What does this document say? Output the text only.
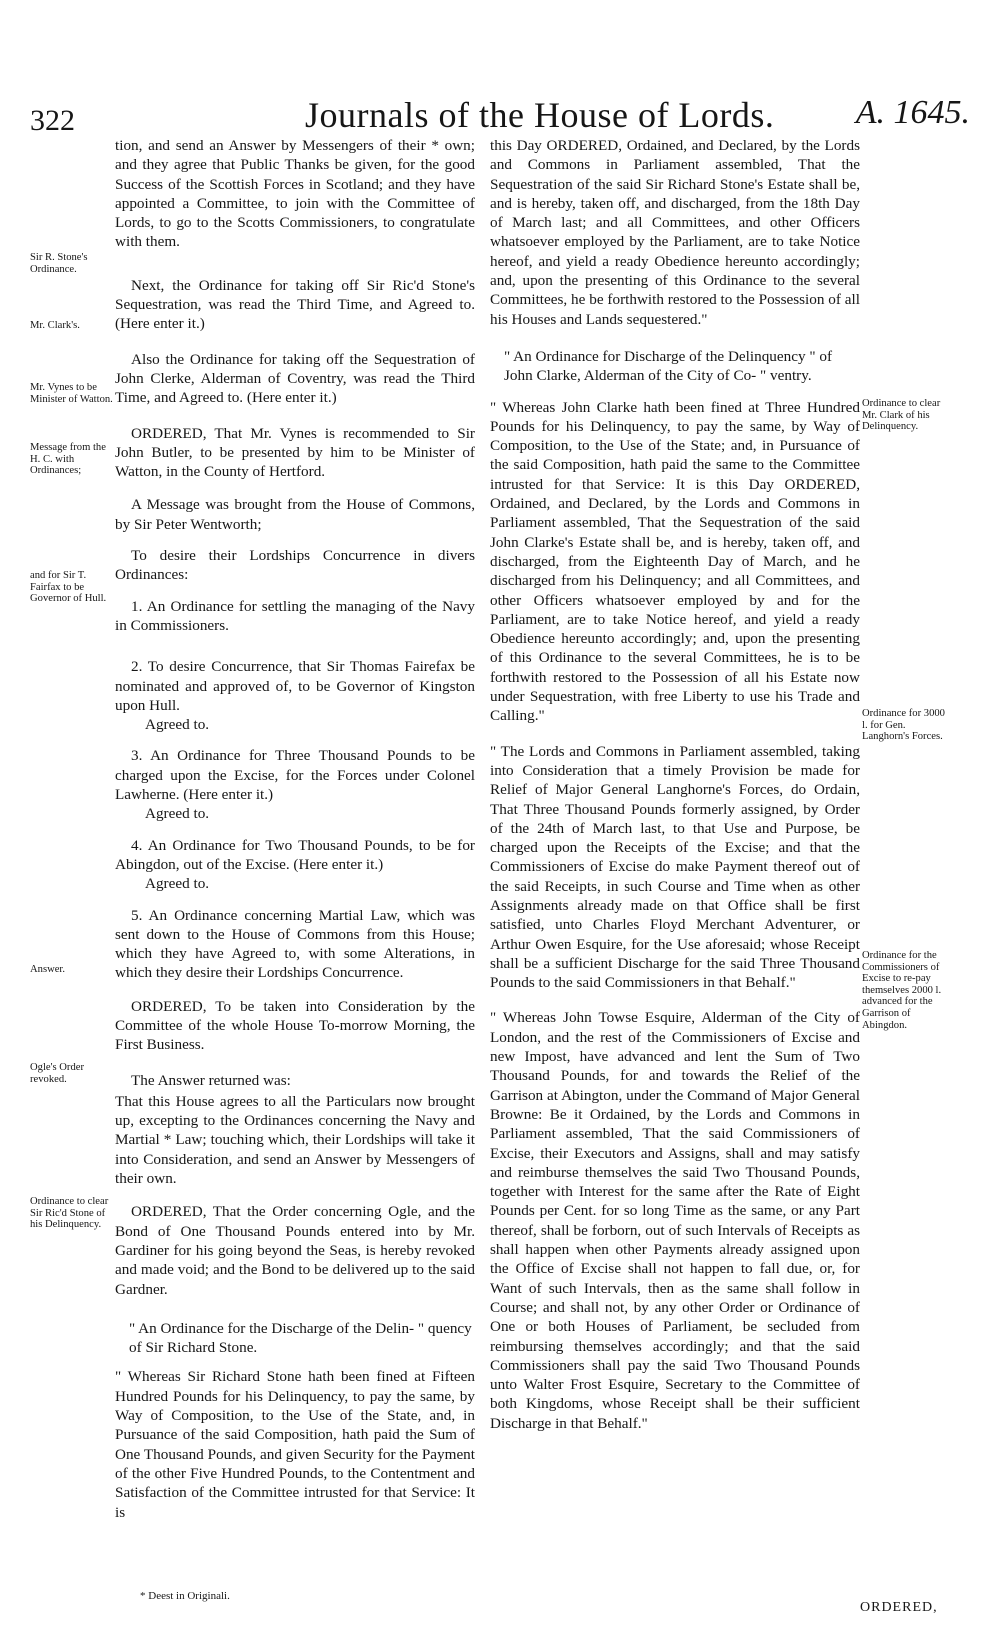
322	Journals of the House of Lords. A. 1645.
Sir R. Stone's Ordinance.
Mr. Clark's.
Mr. Vynes to be Minister of Watton.
Message from the H. C. with Ordinances;
and for Sir T. Fairfax to be Governor of Hull.
Answer.
Ogle's Order revoked.
Ordinance to clear Sir Ric'd Stone of his Delinquency.

tion, and send an Answer by Messengers of their * own; and they agree that Public Thanks be given, for the good Success of the Scottish Forces in Scotland; and they have appointed a Committee, to join with the Committee of Lords, to go to the Scotts Commissioners, to congratulate with them.

Next, the Ordinance for taking off Sir Ric'd Stone's Sequestration, was read the Third Time, and Agreed to. (Here enter it.)

Also the Ordinance for taking off the Sequestration of John Clerke, Alderman of Coventry, was read the Third Time, and Agreed to. (Here enter it.)

ORDERED, That Mr. Vynes is recommended to Sir John Butler, to be presented by him to be Minister of Watton, in the County of Hertford.

A Message was brought from the House of Commons, by Sir Peter Wentworth;

To desire their Lordships Concurrence in divers Ordinances:

1. An Ordinance for settling the managing of the Navy in Commissioners.

2. To desire Concurrence, that Sir Thomas Fairefax be nominated and approved of, to be Governor of Kingston upon Hull.

Agreed to.

3. An Ordinance for Three Thousand Pounds to be charged upon the Excise, for the Forces under Colonel Lawherne. (Here enter it.)

Agreed to.

4. An Ordinance for Two Thousand Pounds, to be for Abingdon, out of the Excise. (Here enter it.)

Agreed to.

5. An Ordinance concerning Martial Law, which was sent down to the House of Commons from this House; which they have Agreed to, with some Alterations, in which they desire their Lordships Concurrence.

ORDERED, To be taken into Consideration by the Committee of the whole House To-morrow Morning, the First Business.

The Answer returned was:

That this House agrees to all the Particulars now brought up, excepting to the Ordinances concerning the Navy and Martial * Law; touching which, their Lordships will take it into Consideration, and send an Answer by Messengers of their own.

ORDERED, That the Order concerning Ogle, and the Bond of One Thousand Pounds entered into by Mr. Gardiner for his going beyond the Seas, is hereby revoked and made void; and the Bond to be delivered up to the said Gardner.

" An Ordinance for the Discharge of the Delin- " quency of Sir Richard Stone.

" Whereas Sir Richard Stone hath been fined at Fifteen Hundred Pounds for his Delinquency, to pay the same, by Way of Composition, to the Use of the State, and, in Pursuance of the said Composition, hath paid the Sum of One Thousand Pounds, and given Security for the Payment of the other Five Hundred Pounds, to the Contentment and Satisfaction of the Committee intrusted for that Service: It is

this Day ORDERED, Ordained, and Declared, by the Lords and Commons in Parliament assembled, That the Sequestration of the said Sir Richard Stone's Estate shall be, and is hereby, taken off, and discharged, from the 18th Day of March last; and all Committees, and other Officers whatsoever employed by the Parliament, are to take Notice hereof, and yield a ready Obedience hereunto accordingly; and, upon the presenting of this Ordinance to the several Committees, he be forthwith restored to the Possession of all his Houses and Lands sequestered."

" An Ordinance for Discharge of the Delinquency " of John Clarke, Alderman of the City of Co- " ventry.

" Whereas John Clarke hath been fined at Three Hundred Pounds for his Delinquency, to pay the same, by Way of Composition, to the Use of the State; and, in Pursuance of the said Composition, hath paid the same to the Committee intrusted for that Service: It is this Day ORDERED, Ordained, and Declared, by the Lords and Commons in Parliament assembled, That the Sequestration of the said John Clarke's Estate shall be, and is hereby, taken off, and discharged, from the Eighteenth Day of March, and he discharged from his Delinquency; and all Committees, and other Officers whatsoever employed by and for the Parliament, are to take Notice hereof, and yield a ready Obedience hereunto accordingly; and, upon the presenting of this Ordinance to the several Committees, he is to be forthwith restored to the Possession of all his Estate now under Sequestration, with free Liberty to use his Trade and Calling."

" The Lords and Commons in Parliament assembled, taking into Consideration that a timely Provision be made for Relief of Major General Langhorne's Forces, do Ordain, That Three Thousand Pounds formerly assigned, by Order of the 24th of March last, to that Use and Purpose, be charged upon the Receipts of the Excise; and that the Commissioners of Excise do make Payment thereof out of the said Receipts, in such Course and Time when as other Assignments already made on that Office shall be first satisfied, unto Charles Floyd Merchant Adventurer, or Arthur Owen Esquire, for the Use aforesaid; whose Receipt shall be a sufficient Discharge for the said Three Thousand Pounds to the said Commissioners in that Behalf."

" Whereas John Towse Esquire, Alderman of the City of London, and the rest of the Commissioners of Excise and new Impost, have advanced and lent the Sum of Two Thousand Pounds, for and towards the Relief of the Garrison at Abington, under the Command of Major General Browne: Be it Ordained, by the Lords and Commons in Parliament assembled, That the said Commissioners of Excise, their Executors and Assigns, shall and may satisfy and reimburse themselves the said Two Thousand Pounds, together with Interest for the same after the Rate of Eight Pounds per Cent. for so long Time as the same, or any Part thereof, shall be forborn, out of such Intervals of Receipts as shall happen when other Payments already assigned upon the Office of Excise shall not happen to fall due, or, for Want of such Intervals, then as the same shall follow in Course; and shall not, by any other Order or Ordinance of One or both Houses of Parliament, be secluded from reimbursing themselves accordingly; and that the said Commissioners shall pay the said Two Thousand Pounds unto Walter Frost Esquire, Secretary to the Committee of both Kingdoms, whose Receipt shall be their sufficient Discharge in that Behalf."

Ordinance to clear Mr. Clark of his Delinquency.
Ordinance for 3000 l. for Gen. Langhorn's Forces.
Ordinance for the Commissioners of Excise to re-pay themselves 2000 l. advanced for the Garrison of Abingdon.
* Deest in Originali.
ORDERED,
